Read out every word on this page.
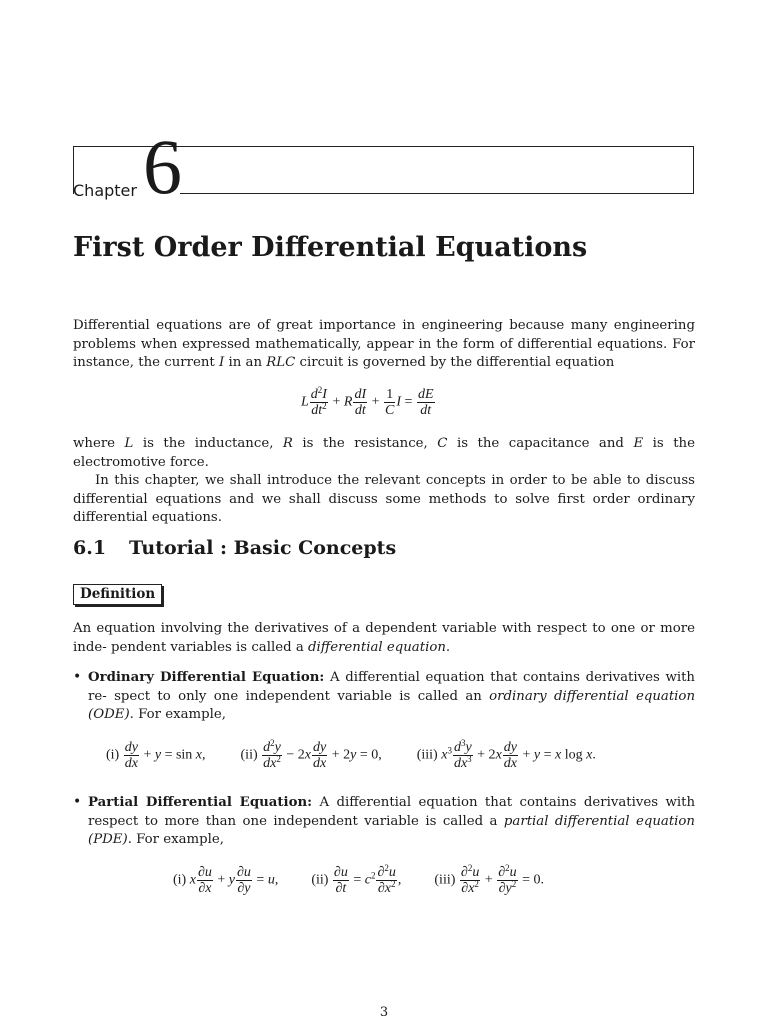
Chapter 6
First Order Differential Equations
Differential equations are of great importance in engineering because many engineering problems when expressed mathematically, appear in the form of differential equations. For instance, the current I in an RLC circuit is governed by the differential equation
L $\frac{d^2I}{dt^2} + R \frac{dI}{dt} + \frac{1}{C}$ $I = \frac{dE}{dt}$
where L is the inductance, R is the resistance, C is the capacitance and E is the electromotive force.
In this chapter, we shall introduce the relevant concepts in order to be able to discuss differential equations and we shall discuss some methods to solve first order ordinary differential equations.
6.1 Tutorial : Basic Concepts
Definition
An equation involving the derivatives of a dependent variable with respect to one or more inde- pendent variables is called a differential equation.
• Ordinary Differential Equation: A differential equation that contains derivatives with re- spect to only one independent variable is called an ordinary differential equation (ODE). For example,
$(i) \frac{dy}{dx} + y = \sin x$,  $(ii) \frac{d^2y}{dx^2} - 2x \frac{dy}{dx} + 2y = 0$,  (iii) $x^3 \frac{d^3y}{dx^3} + 2x \frac{dy}{dx} + y = x$ log x.
• Partial Differential Equation: A differential equation that contains derivatives with respect to more than one independent variable is called a partial differential equation (PDE). For example,
(i) x $\frac{\partial u}{\partial x} + y \frac{\partial u}{\partial y} = u$,  $(ii) \frac{\partial u}{\partial t} = c^2 \frac{\partial^2u}{\partial x^2}$ ,  $(iii) \frac{\partial^2u}{\partial x^2} + \frac{\partial^2u}{\partial y^2} = 0$.
3
